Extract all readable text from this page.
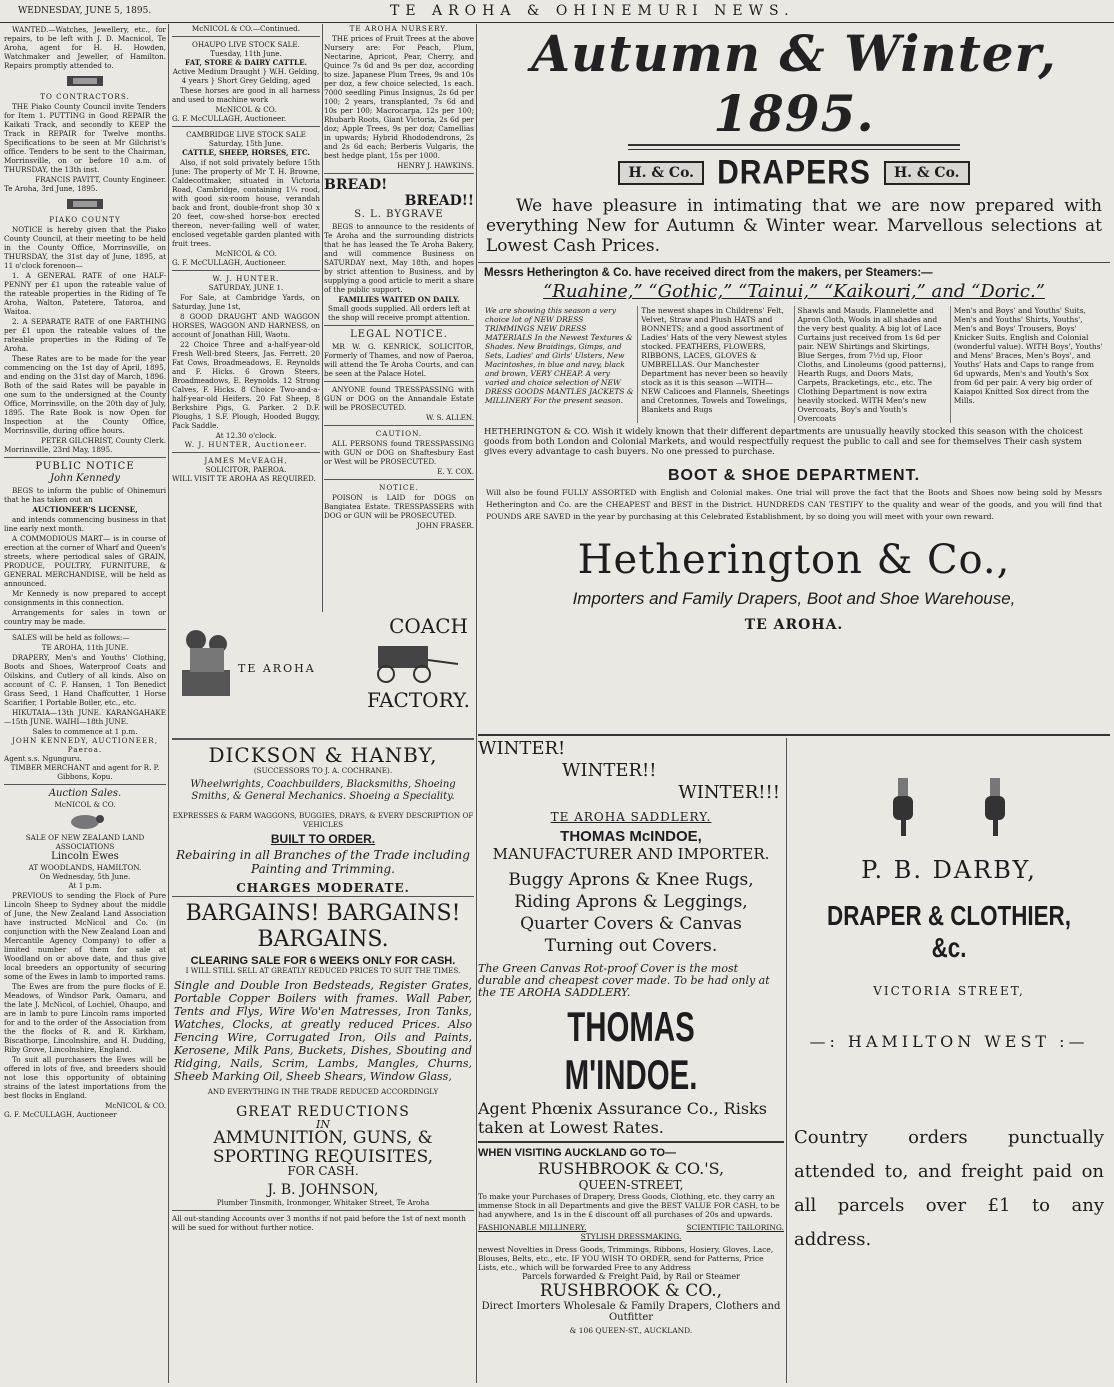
WEDNESDAY, JUNE 5, 1895.	TE AROHA & OHINEMURI NEWS.

WANTED.—Watches, Jewellery, etc., for repairs, to be left with J. D. Macnicol, Te Aroha, agent for H. H. Howden, Watchmaker and Jeweller, of Hamilton. Repairs promptly attended to.

TO CONTRACTORS.

THE Piako County Council invite Tenders for Item 1. PUTTING in Good REPAIR the Kaikati Track, and secondly to KEEP the Track in REPAIR for Twelve months. Specifications to be seen at Mr Gilchrist's office. Tenders to be sent to the Chairman, Morrinsville, on or before 10 a.m. of THURSDAY, the 13th inst.

FRANCIS PAVITT, County Engineer.
Te Aroha, 3rd June, 1895.
PIAKO COUNTY

NOTICE is hereby given that the Piako County Council, at their meeting to be held in the County Office, Morrinsville, on THURSDAY, the 31st day of June, 1895, at 11 o'clock forenoon—

1. A GENERAL RATE of one HALF-PENNY per £1 upon the rateable value of the rateable properties in the Riding of Te Aroha, Walton, Patetere, Tatoroa, and Waitoa.

2. A SEPARATE RATE of one FARTHING per £1 upon the rateable values of the rateable properties in the Riding of Te Aroha.

These Rates are to be made for the year commencing on the 1st day of April, 1895, and ending on the 31st day of March, 1896. Both of the said Rates will be payable in one sum to the undersigned at the County Office, Morrinsville, on the 20th day of July, 1895. The Rate Book is now Open for Inspection at the County Office, Morrinsville, during office hours.

PETER GILCHRIST, County Clerk.
Morrinsville, 23rd May, 1895.
PUBLIC NOTICE
John Kennedy

BEGS to inform the public of Ohinemuri that he has taken out an

AUCTIONEER'S LICENSE,

and intends commencing business in that line early next month.

A COMMODIOUS MART— is in course of erection at the corner of Wharf and Queen's streets, where periodical sales of GRAIN, PRODUCE, POULTRY, FURNITURE, & GENERAL MERCHANDISE, will be held as announced.

Mr Kennedy is now prepared to accept consignments in this connection.

Arrangements for sales in town or country may be made.

SALES will be held as follows:—

TE AROHA, 11th JUNE.

DRAPERY, Men's and Youths' Clothing, Boots and Shoes, Waterproof Coats and Oilskins, and Cutlery of all kinds. Also on account of C. F. Hansen, 1 Ton Benedict Grass Seed, 1 Hand Chaffcutter, 1 Horse Scarifier, 1 Portable Boiler, etc., etc.

HIKUTAIA—13th JUNE. KARANGAHAKE—15th JUNE. WAIHI—18th JUNE.

Sales to commence at 1 p.m.
JOHN KENNEDY, AUCTIONEER, Paeroa.
Agent s.s. Ngunguru.
TIMBER MERCHANT and agent for R. P. Gibbons, Kopu.
Auction Sales.
McNICOL & CO.
SALE OF NEW ZEALAND LAND ASSOCIATIONS
Lincoln Ewes
AT WOODLANDS, HAMILTON.
On Wednesday, 5th June.
At 1 p.m.

PREVIOUS to sending the Flock of Pure Lincoln Sheep to Sydney about the middle of June, the New Zealand Land Association have instructed McNicol and Co. (in conjunction with the New Zealand Loan and Mercantile Agency Company) to offer a limited number of them for sale at Woodland on or above date, and thus give local breeders an opportunity of securing some of the Ewes in lamb to imported rams.

The Ewes are from the pure flocks of E. Meadows, of Windsor Park, Oamaru, and the late J. McNicol, of Lochiel, Ohaupo, and are in lamb to pure Lincoln rams imported for and to the order of the Association from the the flocks of R. and R. Kirkham, Biscathorpe, Lincolnshire, and H. Dudding, Riby Grove, Lincolnshire, England.

To suit all purchasers the Ewes will be offered in lots of five, and breeders should not lose this opportunity of obtaining strains of the latest importations from the best flocks in England.

McNICOL & CO.
G. F. McCULLAGH, Auctioneer
McNICOL & CO.—Continued.
OHAUPO LIVE STOCK SALE.
Tuesday, 11th June.
FAT, STORE & DAIRY CATTLE.
Active Medium Draught } W.H. Gelding, 4 years } Short Grey Gelding, aged

These horses are good in all harness and used to machine work

McNICOL & CO.
G. F. McCULLAGH, Auctioneer.
CAMBRIDGE LIVE STOCK SALE
Saturday, 15th June.
CATTLE, SHEEP, HORSES, ETC.

Also, if not sold privately before 15th June: The property of Mr T. H. Browne, Caldecottmaker, situated in Victoria Road, Cambridge, containing 1¼ rood, with good six-room house, verandah back and front, double-front shop 30 x 20 feet, cow-shed horse-box erected thereon, never-failing well of water, enclosed vegetable garden planted with fruit trees.

McNICOL & CO.
G. F. McCULLAGH, Auctioneer.
W. J. HUNTER.
SATURDAY, JUNE 1.

For Sale, at Cambridge Yards, on Saturday, June 1st,

8 GOOD DRAUGHT AND WAGGON HORSES, WAGGON AND HARNESS, on account of Jonathan Hill, Waotu.

22 Choice Three and a-half-year-old Fresh Well-bred Steers, Jas. Ferrett. 20 Fat Cows, Broadmeadows, E. Reynolds and F. Hicks. 6 Grown Steers, Broadmeadows, E. Reynolds. 12 Strong Calves, F. Hicks. 8 Choice Two-and-a-half-year-old Heifers. 20 Fat Sheep, 8 Berkshire Pigs, G. Parker. 2 D.F. Ploughs, 1 S.F. Plough, Hooded Buggy, Pack Saddle.

At 12.30 o'clock.
W. J. HUNTER, Auctioneer.
JAMES McVEAGH,
SOLICITOR, PAEROA.
WILL VISIT TE AROHA AS REQUIRED.
TE AROHA NURSERY.

THE prices of Fruit Trees at the above Nursery are: For Peach, Plum, Nectarine, Apricot, Pear, Cherry, and Quince 7s 6d and 9s per doz, according to size. Japanese Plum Trees, 9s and 10s per doz, a few choice selected, 1s each. 7000 seedling Pinus Insignus, 2s 6d per 100; 2 years, transplanted, 7s 6d and 10s per 100; Macrocarpa, 12s per 100; Rhubarb Roots, Giant Victoria, 2s 6d per doz; Apple Trees, 9s per doz; Camellias in upwards; Hybrid Rhododendrons, 2s and 2s 6d each; Berberis Vulgaris, the best hedge plant, 15s per 1000.

HENRY J. HAWKINS.
BREAD!
BREAD!!
S. L. BYGRAVE

BEGS to announce to the residents of Te Aroha and the surrounding districts that he has leased the Te Aroha Bakery, and will commence Business on SATURDAY next, May 18th, and hopes by strict attention to Business, and by supplying a good article to merit a share of the public support.

FAMILIES WAITED ON DAILY.
Small goods supplied. All orders left at the shop will receive prompt attention.
LEGAL NOTICE.

MR W. G. KENRICK, SOLICITOR, Formerly of Thames, and now of Paeroa, will attend the Te Aroha Courts, and can be seen at the Palace Hotel.

ANYONE found TRESSPASSING with GUN or DOG on the Annandale Estate will be PROSECUTED.

W. S. ALLEN.
CAUTION.

ALL PERSONS found TRESSPASSING with GUN or DOG on Shaftesbury East or West will be PROSECUTED.

E. Y. COX.
NOTICE.

POISON is LAID for DOGS on Bangiatea Estate. TRESSPASSERS with DOG or GUN will be PROSECUTED.

JOHN FRASER.
COACH
TE AROHA
FACTORY.
DICKSON & HANBY,
(SUCCESSORS TO J. A. COCHRANE).
Wheelwrights, Coachbuilders, Blacksmiths, Shoeing Smiths, & General Mechanics. Shoeing a Speciality.
EXPRESSES & FARM WAGGONS, BUGGIES, DRAYS, & EVERY DESCRIPTION OF VEHICLES
BUILT TO ORDER.
Rebairing in all Branches of the Trade including Painting and Trimming.
CHARGES MODERATE.
BARGAINS! BARGAINS!
BARGAINS.
CLEARING SALE FOR 6 WEEKS ONLY FOR CASH.
I WILL STILL SELL AT GREATLY REDUCED PRICES TO SUIT THE TIMES.
Single and Double Iron Bedsteads, Register Grates, Portable Copper Boilers with frames. Wall Paber, Tents and Flys, Wire Wo'en Matresses, Iron Tanks, Watches, Clocks, at greatly reduced Prices. Also Fencing Wire, Corrugated Iron, Oils and Paints, Kerosene, Milk Pans, Buckets, Dishes, Sbouting and Ridging, Nails, Scrim, Lambs, Mangles, Churns, Sheeb Marking Oil, Sheeb Shears, Window Glass,
AND EVERYTHING IN THE TRADE REDUCED ACCORDINGLY
GREAT REDUCTIONS
IN
AMMUNITION, GUNS, & SPORTING REQUISITES,
FOR CASH.
J. B. JOHNSON,
Plumber Tinsmith, Ironmonger, Whitaker Street, Te Aroha
All out-standing Accounts over 3 months if not paid before the 1st of next month will be sued for without further notice.
Autumn & Winter, 1895.
H. & Co. DRAPERS H. & Co.
We have pleasure in intimating that we are now prepared with everything New for Autumn & Winter wear. Marvellous selections at Lowest Cash Prices.
Messrs Hetherington & Co. have received direct from the makers, per Steamers:—
“Ruahine,” “Gothic,” “Tainui,” “Kaikouri,” and “Doric.”
We are showing this season a very choice lot of NEW DRESS TRIMMINGS NEW DRESS MATERIALS In the Newest Textures & Shades. New Braidings, Gimps, and Sets, Ladies' and Girls' Ulsters, New Macintoshes, in blue and navy, black and brown, VERY CHEAP. A very varied and choice selection of NEW DRESS GOODS MANTLES JACKETS & MILLINERY For the present season.
The newest shapes in Childrens' Felt, Velvet, Straw and Plush HATS and BONNETS; and a good assortment of Ladies' Hats of the very Newest styles stocked. FEATHERS, FLOWERS, RIBBONS, LACES, GLOVES & UMBRELLAS. Our Manchester Department has never been so heavily stock as it is this season —WITH— NEW Calicoes and Flannels, Sheetings and Cretonnes, Towels and Towelings, Blankets and Rugs
Shawls and Mauds, Flannelette and Apron Cloth, Wools in all shades and the very best quality. A big lot of Lace Curtains just received from 1s 6d per pair. NEW Shirtings and Skirtings, Blue Serges, from 7½d up, Floor Cloths, and Linoleums (good patterns), Hearth Rugs, and Doors Mats, Carpets, Bracketings, etc., etc. The Clothing Department is now extra heavily stocked. WITH Men's new Overcoats, Boy's and Youth's Overcoats
Men's and Boys' and Youths' Suits, Men's and Youths' Shirts, Youths', Men's and Boys' Trousers, Boys' Knicker Suits. English and Colonial (wonderful value). WITH Boys', Youths' and Mens' Braces, Men's Boys', and Youths' Hats and Caps to range from 6d upwards, Men's and Youth's Sox from 6d per pair. A very big order of Kaiapoi Knitted Sox direct from the Mills.
HETHERINGTON & CO. Wish it widely known that their different departments are unusually heavily stocked this season with the choicest goods from both London and Colonial Markets, and would respectfully request the public to call and see for themselves Their cash system gives every advantage to cash buyers. No one pressed to purchase.
BOOT & SHOE DEPARTMENT.
Will also be found FULLY ASSORTED with English and Colonial makes. One trial will prove the fact that the Boots and Shoes now being sold by Messrs Hetherington and Co. are the CHEAPEST and BEST in the District. HUNDREDS CAN TESTIFY to the quality and wear of the goods, and you will find that POUNDS ARE SAVED in the year by purchasing at this Celebrated Establishment, by so doing you will meet with your own reward.
Hetherington & Co.,
Importers and Family Drapers, Boot and Shoe Warehouse,
TE AROHA.
WINTER!
WINTER!!
WINTER!!!
TE AROHA SADDLERY.
THOMAS McINDOE,
MANUFACTURER AND IMPORTER.
Buggy Aprons & Knee Rugs, Riding Aprons & Leggings, Quarter Covers & Canvas Turning out Covers.
The Green Canvas Rot-proof Cover is the most durable and cheapest cover made. To be had only at the TE AROHA SADDLERY.
THOMAS M'INDOE.
Agent Phœnix Assurance Co., Risks taken at Lowest Rates.
WHEN VISITING AUCKLAND GO TO—
RUSHBROOK & CO.'S,
QUEEN-STREET,
To make your Purchases of Drapery, Dress Goods, Clothing, etc. they carry an immense Stock in all Departments and give the BEST VALUE FOR CASH, to be had anywhere, and 1s in the £ discount off all purchases of 20s and upwards.
FASHIONABLE MILLINERY.	SCIENTIFIC TAILORING.
STYLISH DRESSMAKING.
newest Novelties in Dress Goods, Trimmings, Ribbons, Hosiery, Gloves, Lace, Blouses, Belts, etc., etc. IF YOU WISH TO ORDER, send for Patterns, Price Lists, etc., which will be forwarded Free to any Address
Parcels forwarded & Freight Paid, by Rail or Steamer
RUSHBROOK & CO.,
Direct Imorters Wholesale & Family Drapers, Clothers and Outfitter
& 106 QUEEN-ST., AUCKLAND.

P. B. DARBY,
DRAPER & CLOTHIER, &c.
VICTORIA STREET,
—: HAMILTON WEST :—
Country orders punctually attended to, and freight paid on all parcels over £1 to any address.
